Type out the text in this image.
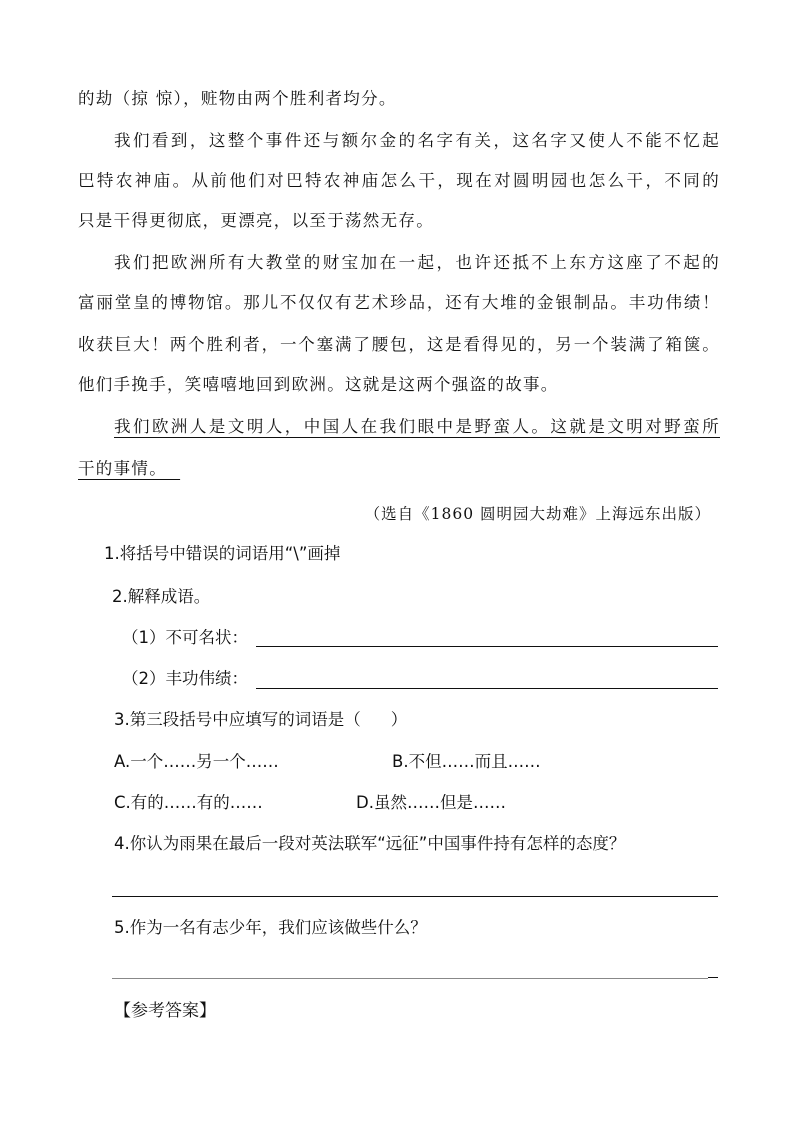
的劫（掠 惊），赃物由两个胜利者均分。
我们看到，这整个事件还与额尔金的名字有关，这名字又使人不能不忆起
巴特农神庙。从前他们对巴特农神庙怎么干，现在对圆明园也怎么干，不同的
只是干得更彻底，更漂亮，以至于荡然无存。
我们把欧洲所有大教堂的财宝加在一起，也许还抵不上东方这座了不起的
富丽堂皇的博物馆。那儿不仅仅有艺术珍品，还有大堆的金银制品。丰功伟绩！
收获巨大！两个胜利者，一个塞满了腰包，这是看得见的，另一个装满了箱箧。
他们手挽手，笑嘻嘻地回到欧洲。这就是这两个强盗的故事。
我们欧洲人是文明人，中国人在我们眼中是野蛮人。这就是文明对野蛮所
干的事情。
（选自《1860 圆明园大劫难》上海远东出版）
1.将括号中错误的词语用“\”画掉
2.解释成语。
（1）不可名状：
（2）丰功伟绩：
3.第三段括号中应填写的词语是（ ）
A.一个……另一个……	B.不但……而且……
C.有的……有的……	D.虽然……但是……
4.你认为雨果在最后一段对英法联军“远征”中国事件持有怎样的态度？
5.作为一名有志少年，我们应该做些什么？
【参考答案】
